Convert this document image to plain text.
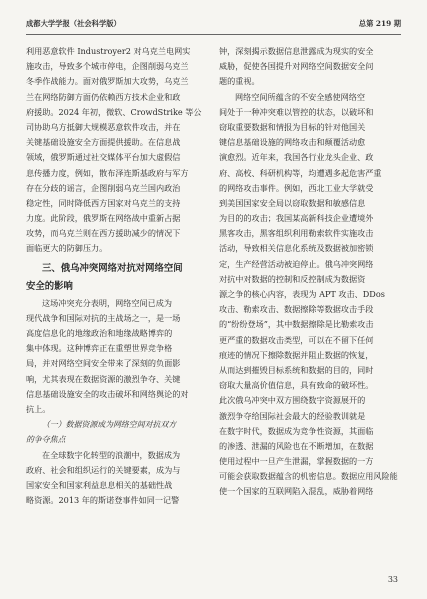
成都大学学报（社会科学版）	总第 219 期
利用恶意软件 Industroyer2 对乌克兰电网实
施攻击，导致多个城市停电，企图削弱乌克兰
冬季作战能力。面对俄罗斯加大攻势，乌克兰
兰在网络防御方面仍依赖西方技术企业和政
府援助。2024 年初，微软、CrowdStrike 等公
司协助乌方抵御大规模恶意软件攻击，并在
关键基础设施安全方面提供援助。在信息战
领域，俄罗斯通过社交媒体平台加大虚假信
息传播力度，例如，散布泽连斯基政府与军方
存在分歧的谣言，企图削弱乌克兰国内政治
稳定性，同时降低西方国家对乌克兰的支持
力度。此阶段，俄罗斯在网络战中重新占据
攻势，而乌克兰则在西方援助减少的情况下
面临更大的防御压力。
三、俄乌冲突网络对抗对网络空间
安全的影响
这场冲突充分表明，网络空间已成为
现代战争和国际对抗的主战场之一，是一场
高度信息化的地缘政治和地缘战略博弈的
集中体现。这种博弈正在重塑世界竞争格
局，并对网络空间安全带来了深刻的负面影
响，尤其表现在数据资源的激烈争夺、关键
信息基础设施安全的攻击破坏和网络舆论的对
抗上。
（一）数据资源成为网络空间对抗双方
的争夺焦点
在全球数字化转型的浪潮中，数据成为
政府、社会和组织运行的关键要素，成为与
国家安全和国家利益息息相关的基础性战
略资源。2013 年的斯诺登事件如同一记警
钟，深刻揭示数据信息泄露成为现实的安全
威胁，促使各国提升对网络空间数据安全问
题的重视。
网络空间所蕴含的不安全感使网络空
间处于一种冲突难以管控的状态，以破坏和
窃取重要数据和情报为目标的针对他国关
键信息基础设施的网络攻击和颠覆活动愈
演愈烈。近年来，我国各行业龙头企业、政
府、高校、科研机构等，均遭遇多起危害严重
的网络攻击事件。例如，西北工业大学就受
到美国国家安全局以窃取数据和敏感信息
为目的的攻击；我国某高新科技企业遭境外
黑客攻击，黑客组织利用勒索软件实施攻击
活动，导致相关信息化系统及数据被加密锁
定，生产经营活动被迫停止。俄乌冲突网络
对抗中对数据的控制和反控制成为数据资
源之争的核心内容，表现为 APT 攻击、DDos
攻击、勒索攻击、数据擦除等数据攻击手段
的“纷纷登场”，其中数据擦除是比勒索攻击
更严重的数据攻击类型，可以在不留下任何
痕迹的情况下擦除数据并阻止数据的恢复，
从而达到摧毁目标系统和数据的目的，同时
窃取大量高价值信息，具有致命的破坏性。
此次俄乌冲突中双方围绕数字资源展开的
激烈争夺给国际社会最大的经验教训就是
在数字时代，数据成为竞争性资源，其面临
的渗透、泄漏的风险也在不断增加，在数据
使用过程中一旦产生泄漏，掌握数据的一方
可能会获取数据蕴含的机密信息。数据应用风险能
使一个国家的互联网陷入混乱，威胁着网络
33
